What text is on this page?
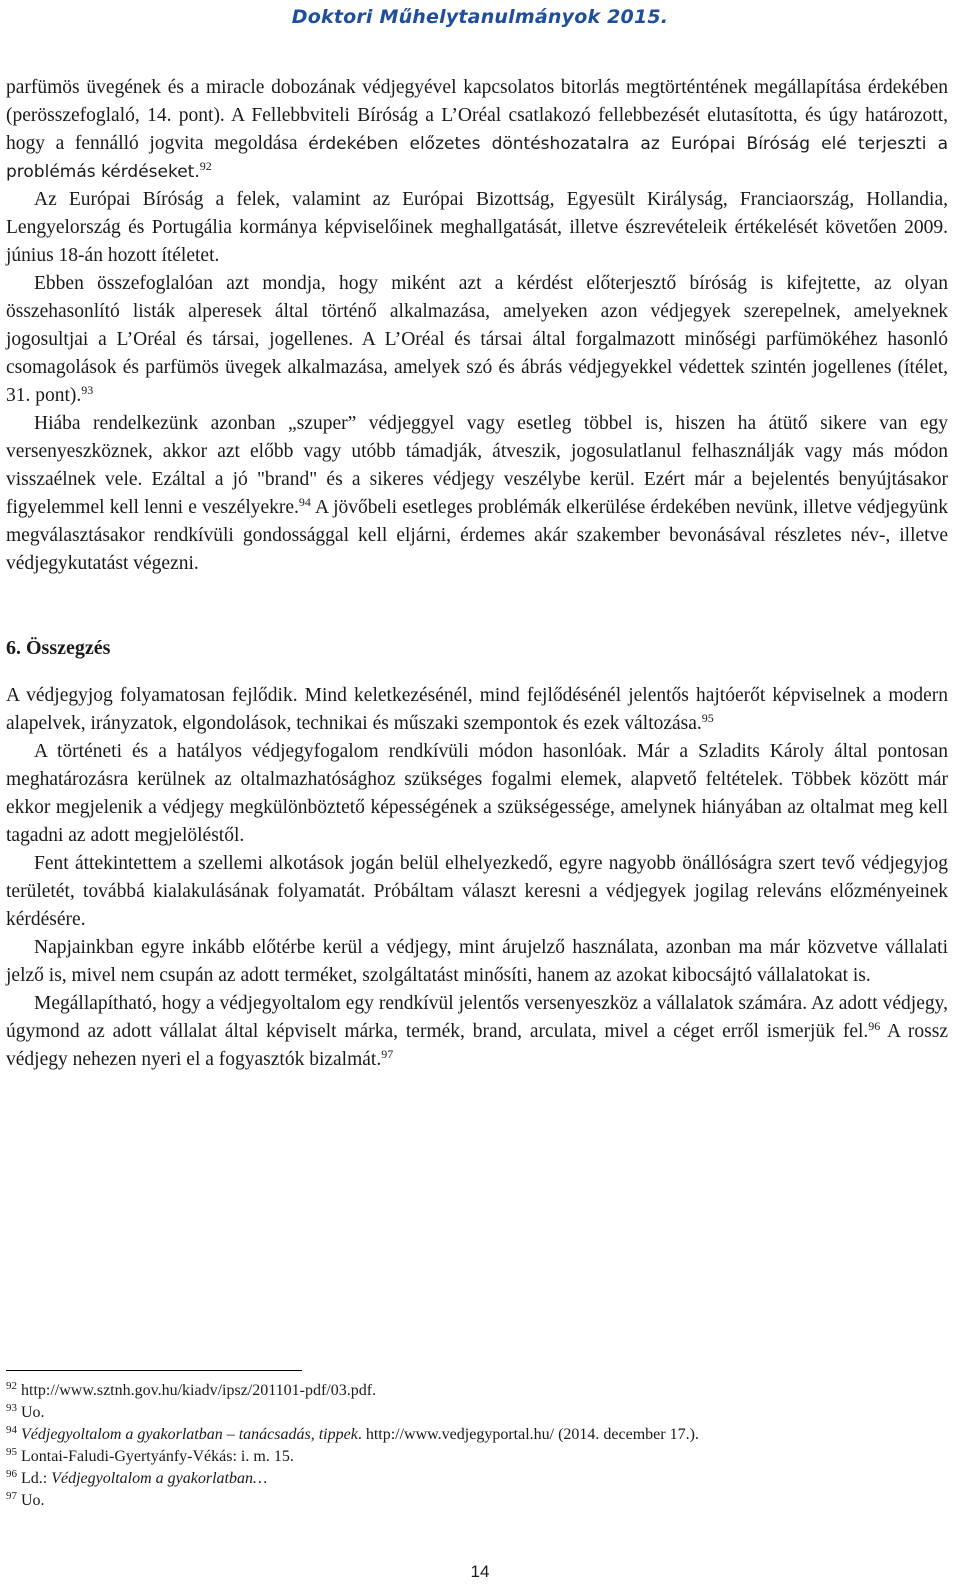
Doktori Műhelytanulmányok 2015.

parfümös üvegének és a miracle dobozának védjegyével kapcsolatos bitorlás megtörténtének megállapítása érdekében (perösszefoglaló, 14. pont). A Fellebbviteli Bíróság a L’Oréal csatlakozó fellebbezését elutasította, és úgy határozott, hogy a fennálló jogvita megoldása érdekében előzetes döntéshozatalra az Európai Bíróság elé terjeszti a problémás kérdéseket.$^{92}$

Az Európai Bíróság a felek, valamint az Európai Bizottság, Egyesült Királyság, Franciaország, Hollandia, Lengyelország és Portugália kormánya képviselőinek meghallgatását, illetve észrevételeik értékelését követően 2009. június 18-án hozott ítéletet.

Ebben összefoglalóan azt mondja, hogy miként azt a kérdést előterjesztő bíróság is kifejtette, az olyan összehasonlító listák alperesek által történő alkalmazása, amelyeken azon védjegyek szerepelnek, amelyeknek jogosultjai a L’Oréal és társai, jogellenes. A L’Oréal és társai által forgalmazott minőségi parfümökéhez hasonló csomagolások és parfümös üvegek alkalmazása, amelyek szó és ábrás védjegyekkel védettek szintén jogellenes (ítélet, 31. pont).$^{93}$

Hiába rendelkezünk azonban „szuper” védjeggyel vagy esetleg többel is, hiszen ha átütő sikere van egy versenyeszköznek, akkor azt előbb vagy utóbb támadják, átveszik, jogosulatlanul felhasználják vagy más módon visszaélnek vele. Ezáltal a jó "brand" és a sikeres védjegy veszélybe kerül. Ezért már a bejelentés benyújtásakor figyelemmel kell lenni e veszélyekre.$^{94}$ A jövőbeli esetleges problémák elkerülése érdekében nevünk, illetve védjegyünk megválasztásakor rendkívüli gondossággal kell eljárni, érdemes akár szakember bevonásával részletes név-, illetve védjegykutatást végezni.

6. Összegzés

A védjegyjog folyamatosan fejlődik. Mind keletkezésénél, mind fejlődésénél jelentős hajtóerőt képviselnek a modern alapelvek, irányzatok, elgondolások, technikai és műszaki szempontok és ezek változása.$^{95}$

A történeti és a hatályos védjegyfogalom rendkívüli módon hasonlóak. Már a Szladits Károly által pontosan meghatározásra kerülnek az oltalmazhatósághoz szükséges fogalmi elemek, alapvető feltételek. Többek között már ekkor megjelenik a védjegy megkülönböztető képességének a szükségessége, amelynek hiányában az oltalmat meg kell tagadni az adott megjelöléstől.

Fent áttekintettem a szellemi alkotások jogán belül elhelyezkedő, egyre nagyobb önállóságra szert tevő védjegyjog területét, továbbá kialakulásának folyamatát. Próbáltam választ keresni a védjegyek jogilag releváns előzményeinek kérdésére.

Napjainkban egyre inkább előtérbe kerül a védjegy, mint árujelző használata, azonban ma már közvetve vállalati jelző is, mivel nem csupán az adott terméket, szolgáltatást minősíti, hanem az azokat kibocsájtó vállalatokat is.

Megállapítható, hogy a védjegyoltalom egy rendkívül jelentős versenyeszköz a vállalatok számára. Az adott védjegy, úgymond az adott vállalat által képviselt márka, termék, brand, arculata, mivel a céget erről ismerjük fel.$^{96}$ A rossz védjegy nehezen nyeri el a fogyasztók bizalmát.$^{97}$

$^{92}$ http://www.sztnh.gov.hu/kiadv/ipsz/201101-pdf/03.pdf.
$^{93}$ Uo.
$^{94}$ Védjegyoltalom a gyakorlatban – tanácsadás, tippek. http://www.vedjegyportal.hu/ (2014. december 17.).
$^{95}$ Lontai-Faludi-Gyertyánfy-Vékás: i. m. 15.
$^{96}$ Ld.: Védjegyoltalom a gyakorlatban…
$^{97}$ Uo.
14
